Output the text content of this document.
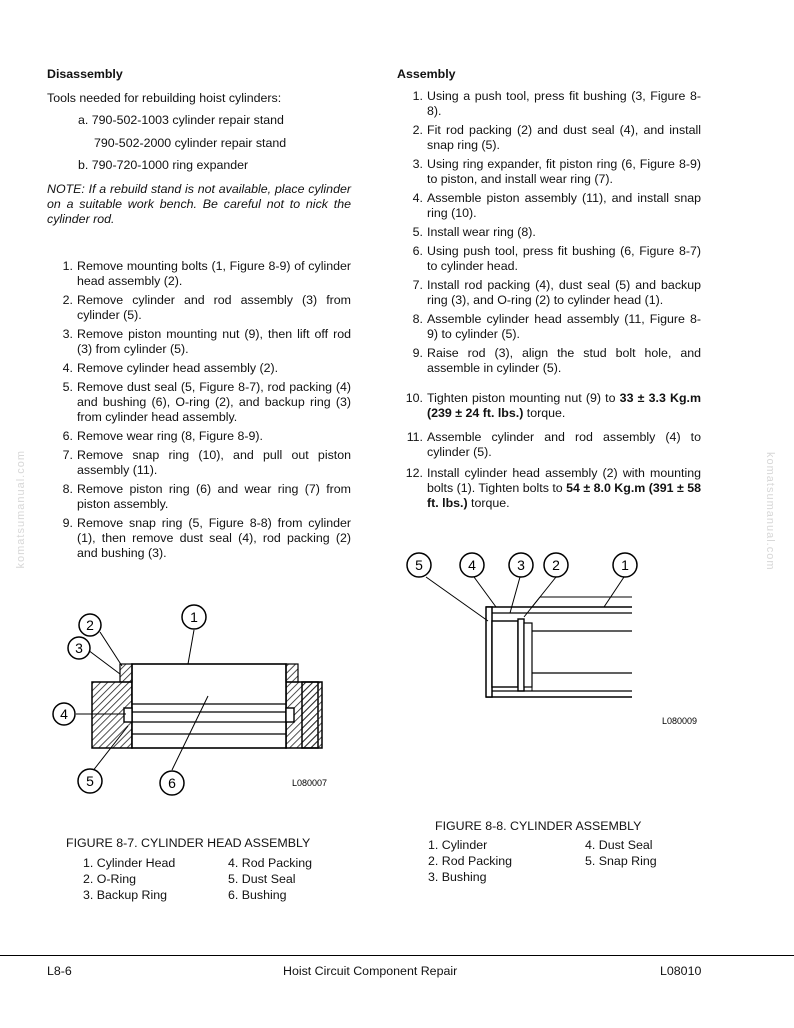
komatsumanual.com	komatsumanual.com
Disassembly
Tools needed for rebuilding hoist cylinders:
a. 790-502-1003 cylinder repair stand
790-502-2000 cylinder repair stand
b. 790-720-1000 ring expander
NOTE: If a rebuild stand is not available, place cylinder on a suitable work bench. Be careful not to nick the cylinder rod.
1. Remove mounting bolts (1, Figure 8-9) of cylinder head assembly (2).
2. Remove cylinder and rod assembly (3) from cylinder (5).
3. Remove piston mounting nut (9), then lift off rod (3) from cylinder (5).
4. Remove cylinder head assembly (2).
5. Remove dust seal (5, Figure 8-7), rod packing (4) and bushing (6), O-ring (2), and backup ring (3) from cylinder head assembly.
6. Remove wear ring (8, Figure 8-9).
7. Remove snap ring (10), and pull out piston assembly (11).
8. Remove piston ring (6) and wear ring (7) from piston assembly.
9. Remove snap ring (5, Figure 8-8) from cylinder (1), then remove dust seal (4), rod packing (2) and bushing (3).
1
2
3
4
5	6	L080007
FIGURE 8-7. CYLINDER HEAD ASSEMBLY
1. Cylinder Head	4. Rod Packing
2. O-Ring	5. Dust Seal
3. Backup Ring	6. Bushing
Assembly
1. Using a push tool, press fit bushing (3, Figure 8-8).
2. Fit rod packing (2) and dust seal (4), and install snap ring (5).
3. Using ring expander, fit piston ring (6, Figure 8-9) to piston, and install wear ring (7).
4. Assemble piston assembly (11), and install snap ring (10).
5. Install wear ring (8).
6. Using push tool, press fit bushing (6, Figure 8-7) to cylinder head.
7. Install rod packing (4), dust seal (5) and backup ring (3), and O-ring (2) to cylinder head (1).
8. Assemble cylinder head assembly (11, Figure 8-9) to cylinder (5).
9. Raise rod (3), align the stud bolt hole, and assemble in cylinder (5).
10. Tighten piston mounting nut (9) to 33 ± 3.3 Kg.m (239 ± 24 ft. lbs.) torque.
11. Assemble cylinder and rod assembly (4) to cylinder (5).
12. Install cylinder head assembly (2) with mounting bolts (1). Tighten bolts to 54 ± 8.0 Kg.m (391 ± 58 ft. lbs.) torque.
5	4	3 2	1
L080009
FIGURE 8-8. CYLINDER ASSEMBLY
1. Cylinder	4. Dust Seal
2. Rod Packing	5. Snap Ring
3. Bushing
L8-6	Hoist Circuit Component Repair	L08010
